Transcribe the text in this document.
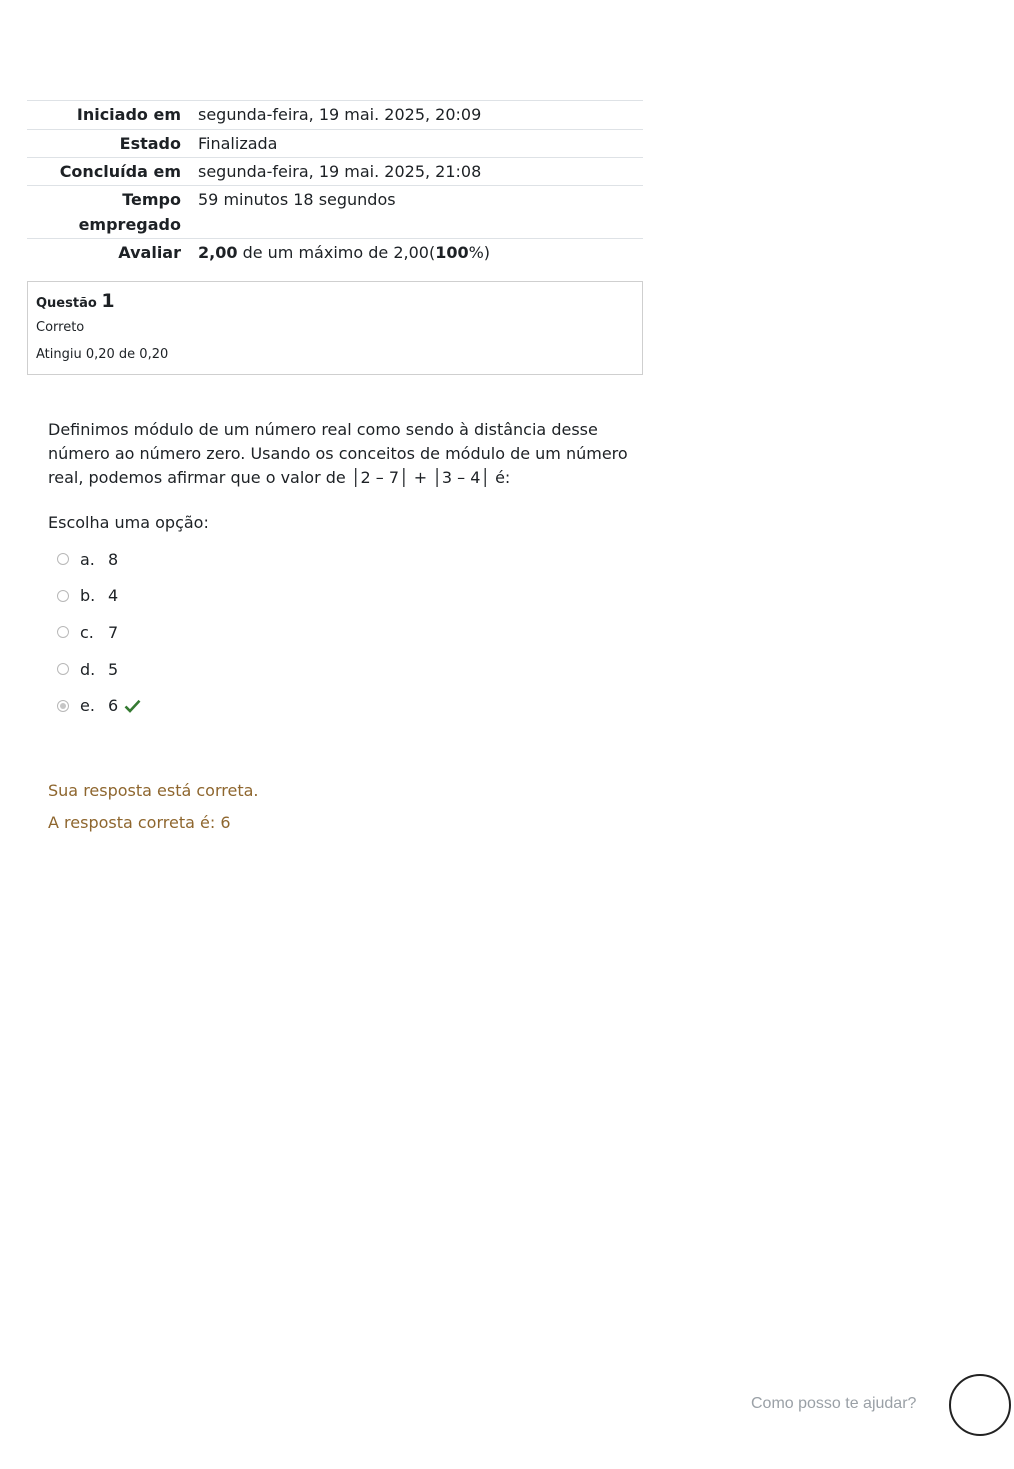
Iniciado em	segunda-feira, 19 mai. 2025, 20:09
Estado	Finalizada
Concluída em	segunda-feira, 19 mai. 2025, 21:08
Tempo empregado	59 minutos 18 segundos
Avaliar	2,00 de um máximo de 2,00(100%)
Questão 1
Correto
Atingiu 0,20 de 0,20
Definimos módulo de um número real como sendo à distância desse número ao número zero. Usando os conceitos de módulo de um número real, podemos afirmar que o valor de │2 – 7│ + │3 – 4│ é:
Escolha uma opção:
a. 8
b. 4
c. 7
d. 5
e. 6
Sua resposta está correta.
A resposta correta é: 6
Como posso te ajudar?
